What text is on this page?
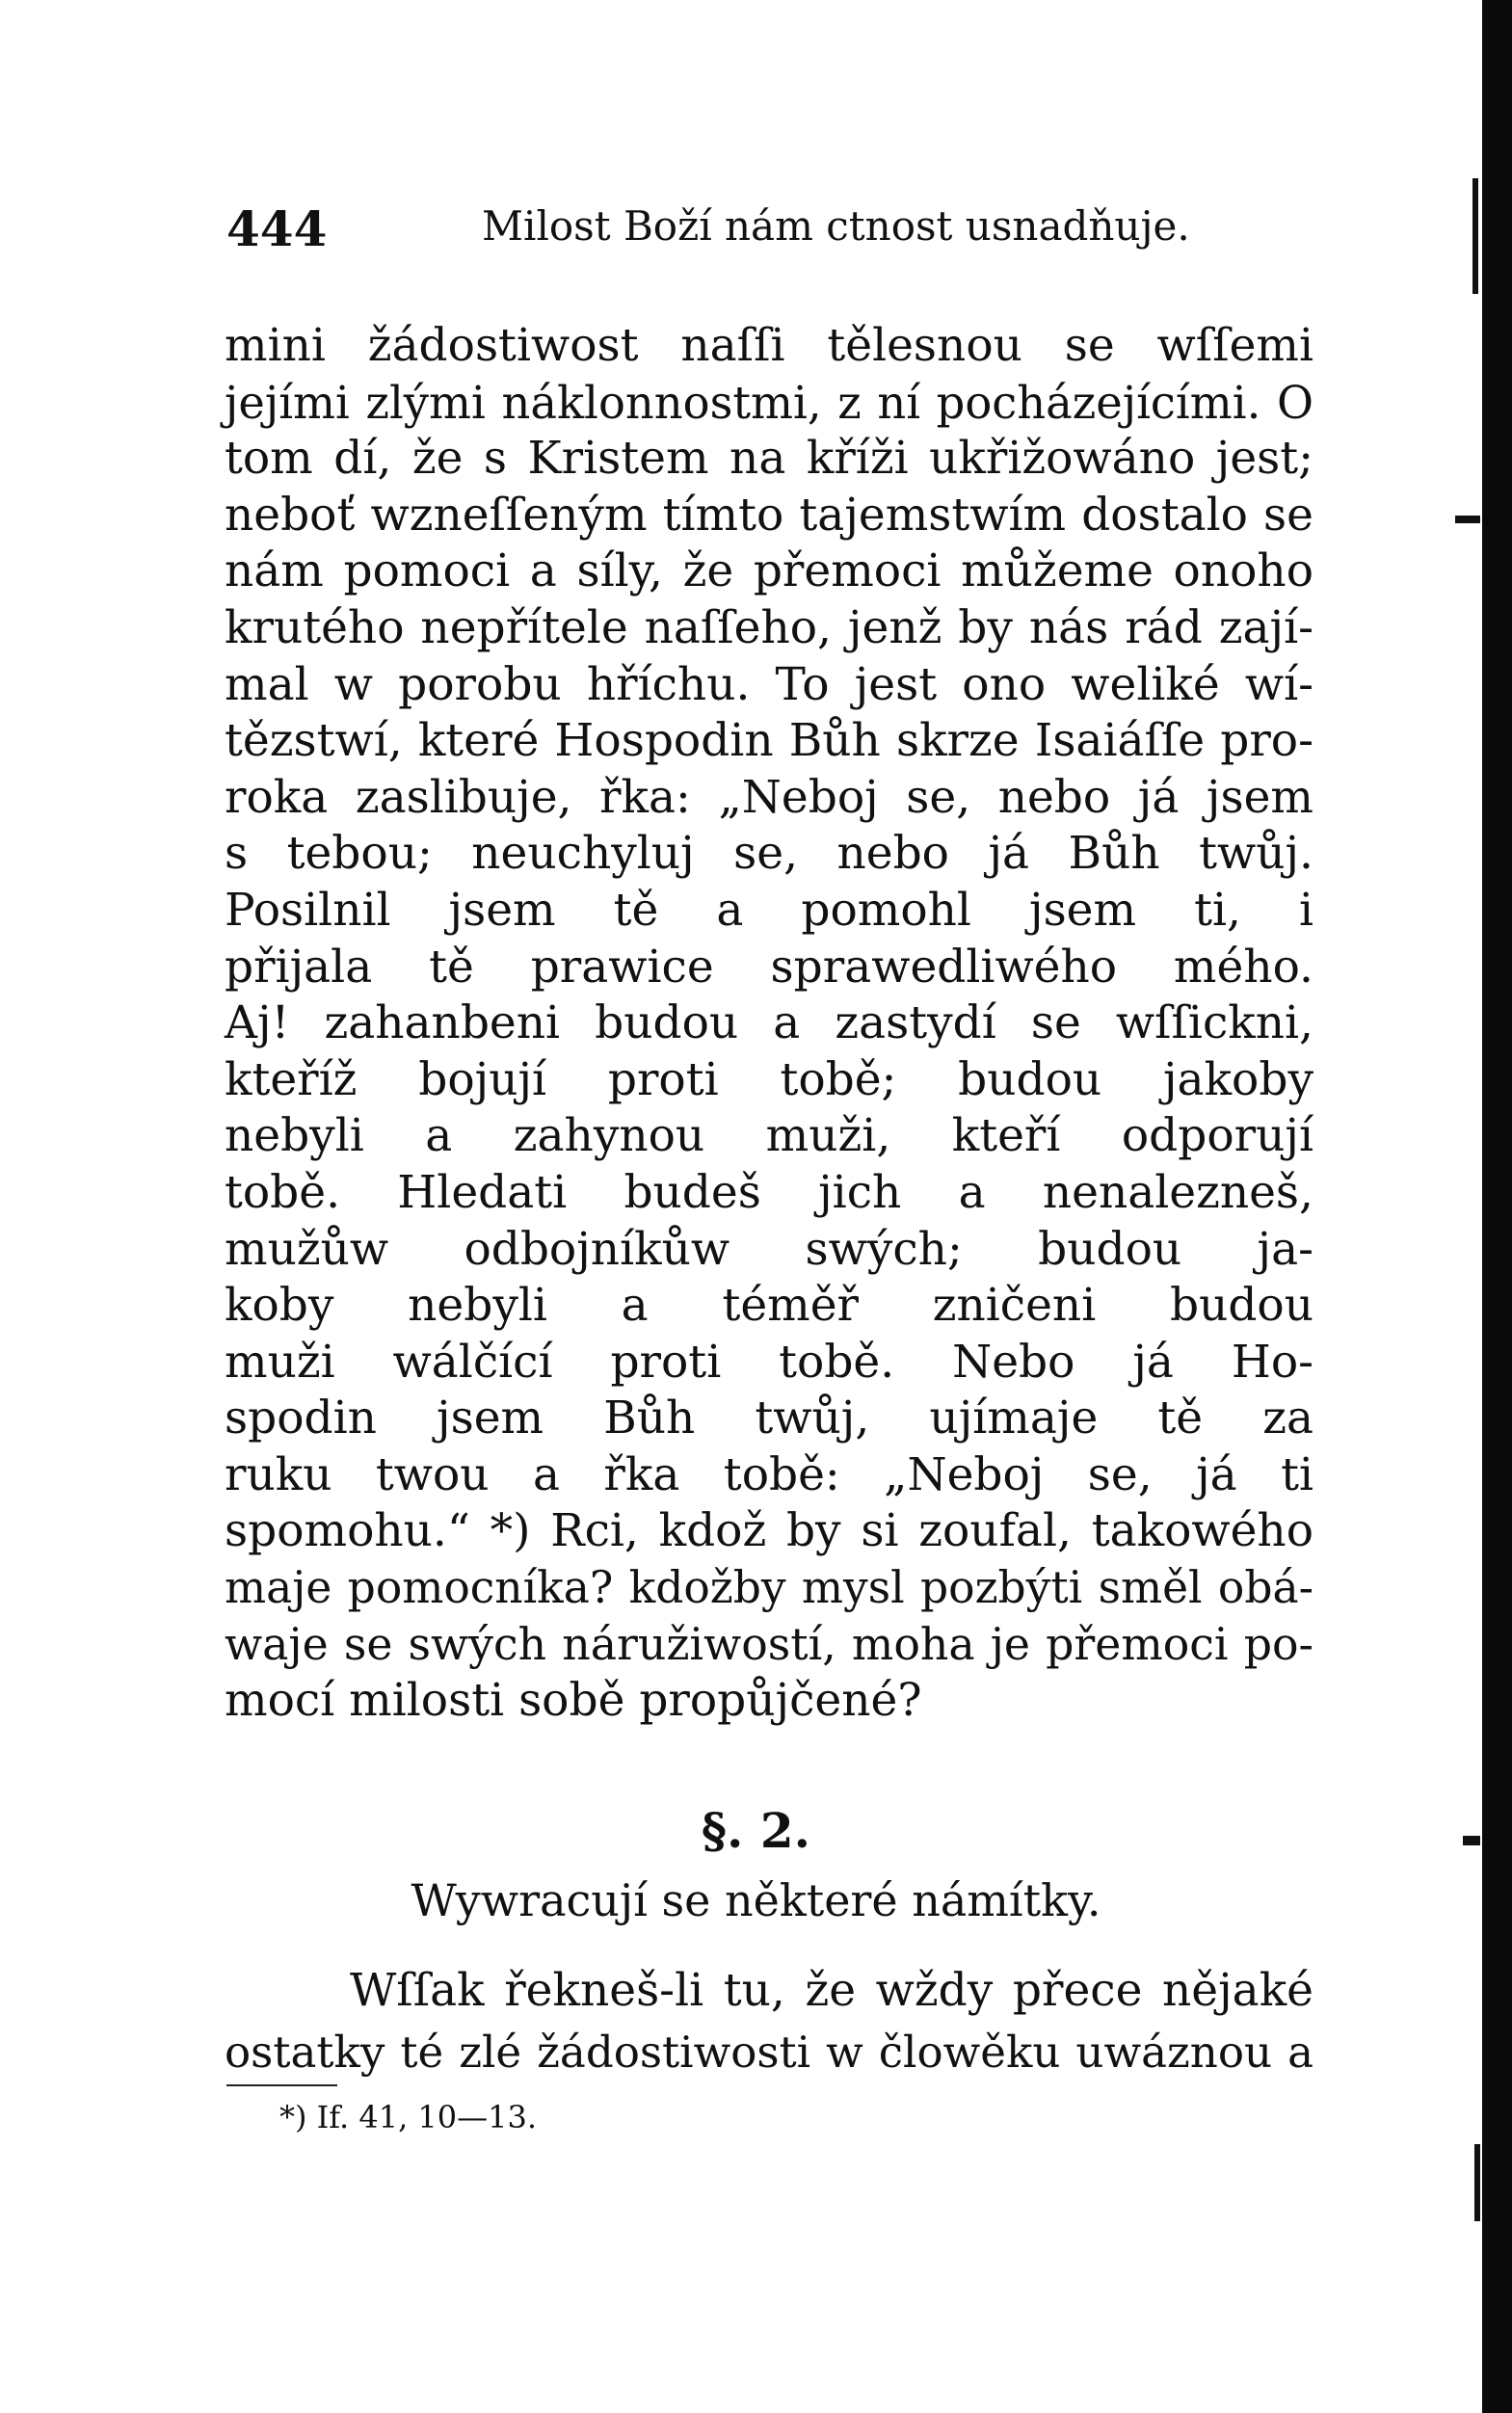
444	Milost Boží nám ctnost usnadňuje.
mini žádostiwost naſſi tělesnou se wſſemi
jejími zlými náklonnostmi, z ní pocházejícími. O
tom dí, že s Kristem na kříži ukřižowáno jest;
neboť wzneſſeným tímto tajemstwím dostalo se
nám pomoci a síly, že přemoci můžeme onoho
krutého nepřítele naſſeho, jenž by nás rád zají-
mal w porobu hříchu. To jest ono weliké wí-
tězstwí, které Hospodin Bůh skrze Isaiáſſe pro-
roka zaslibuje, řka: „Neboj se, nebo já jsem
s tebou; neuchyluj se, nebo já Bůh twůj.
Posilnil jsem tě a pomohl jsem ti, i
přijala tě prawice sprawedliwého mého.
Aj! zahanbeni budou a zastydí se wſſickni,
kteříž bojují proti tobě; budou jakoby
nebyli a zahynou muži, kteří odporují
tobě. Hledati budeš jich a nenalezneš,
mužůw odbojníkůw swých; budou ja-
koby nebyli a téměř zničeni budou
muži wálčící proti tobě. Nebo já Ho-
spodin jsem Bůh twůj, ujímaje tě za
ruku twou a řka tobě: „Neboj se, já ti
spomohu.“ *) Rci, kdož by si zoufal, takowého
maje pomocníka? kdožby mysl pozbýti směl obá-
waje se swých náružiwostí, moha je přemoci po-
mocí milosti sobě propůjčené?
§. 2.
Wywracují se některé námítky.
Wſſak řekneš-li tu, že wždy přece nějaké
ostatky té zlé žádostiwosti w člowěku uwáznou a
*) If. 41, 10—13.
